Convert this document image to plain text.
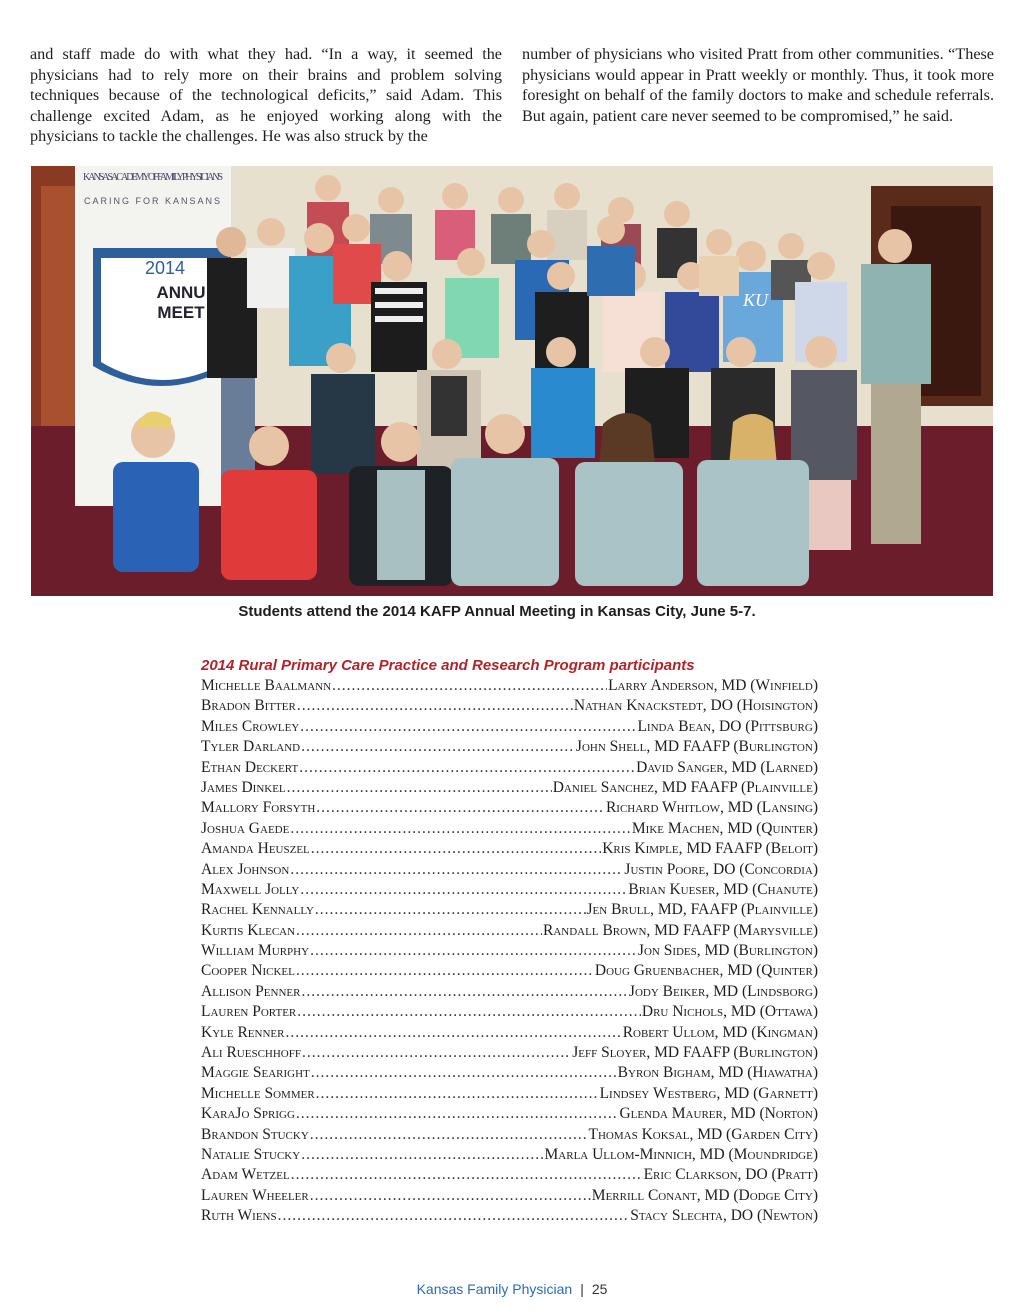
and staff made do with what they had. “In a way, it seemed the physicians had to rely more on their brains and problem solving techniques because of the technological deficits,” said Adam. This challenge excited Adam, as he enjoyed working along with the physicians to tackle the challenges. He was also struck by the

number of physicians who visited Pratt from other communities. “These physicians would appear in Pratt weekly or monthly. Thus, it took more foresight on behalf of the family doctors to make and schedule referrals. But again, patient care never seemed to be compromised,” he said.

KANSAS ACADEMY OF FAMILY PHYSICIANS
CARING FOR KANSANS
2014
ANNU
MEET
KU
Students attend the 2014 KAFP Annual Meeting in Kansas City, June 5-7.
2014 Rural Primary Care Practice and Research Program participants
Michelle Baalmann .....	Larry Anderson, MD (Winfield)
Bradon Bitter .....	Nathan Knackstedt, DO (Hoisington)
Miles Crowley .....	Linda Bean, DO (Pittsburg)
Tyler Darland .....	John Shell, MD FAAFP (Burlington)
Ethan Deckert .....	David Sanger, MD (Larned)
James Dinkel .....	Daniel Sanchez, MD FAAFP (Plainville)
Mallory Forsyth .....	Richard Whitlow, MD (Lansing)
Joshua Gaede .....	Mike Machen, MD (Quinter)
Amanda Heuszel .....	Kris Kimple, MD FAAFP (Beloit)
Alex Johnson .....	Justin Poore, DO (Concordia)
Maxwell Jolly .....	Brian Kueser, MD (Chanute)
Rachel Kennally .....	Jen Brull, MD, FAAFP (Plainville)
Kurtis Klecan .....	Randall Brown, MD FAAFP (Marysville)
William Murphy .....	Jon Sides, MD (Burlington)
Cooper Nickel .....	Doug Gruenbacher, MD (Quinter)
Allison Penner .....	Jody Beiker, MD (Lindsborg)
Lauren Porter .....	Dru Nichols, MD (Ottawa)
Kyle Renner .....	Robert Ullom, MD (Kingman)
Ali Rueschhoff .....	Jeff Sloyer, MD FAAFP (Burlington)
Maggie Searight .....	Byron Bigham, MD (Hiawatha)
Michelle Sommer .....	Lindsey Westberg, MD (Garnett)
KaraJo Sprigg .....	Glenda Maurer, MD (Norton)
Brandon Stucky .....	Thomas Koksal, MD (Garden City)
Natalie Stucky .....	Marla Ullom-Minnich, MD (Moundridge)
Adam Wetzel .....	Eric Clarkson, DO (Pratt)
Lauren Wheeler .....	Merrill Conant, MD (Dodge City)
Ruth Wiens .....	Stacy Slechta, DO (Newton)
Kansas Family Physician | 25
